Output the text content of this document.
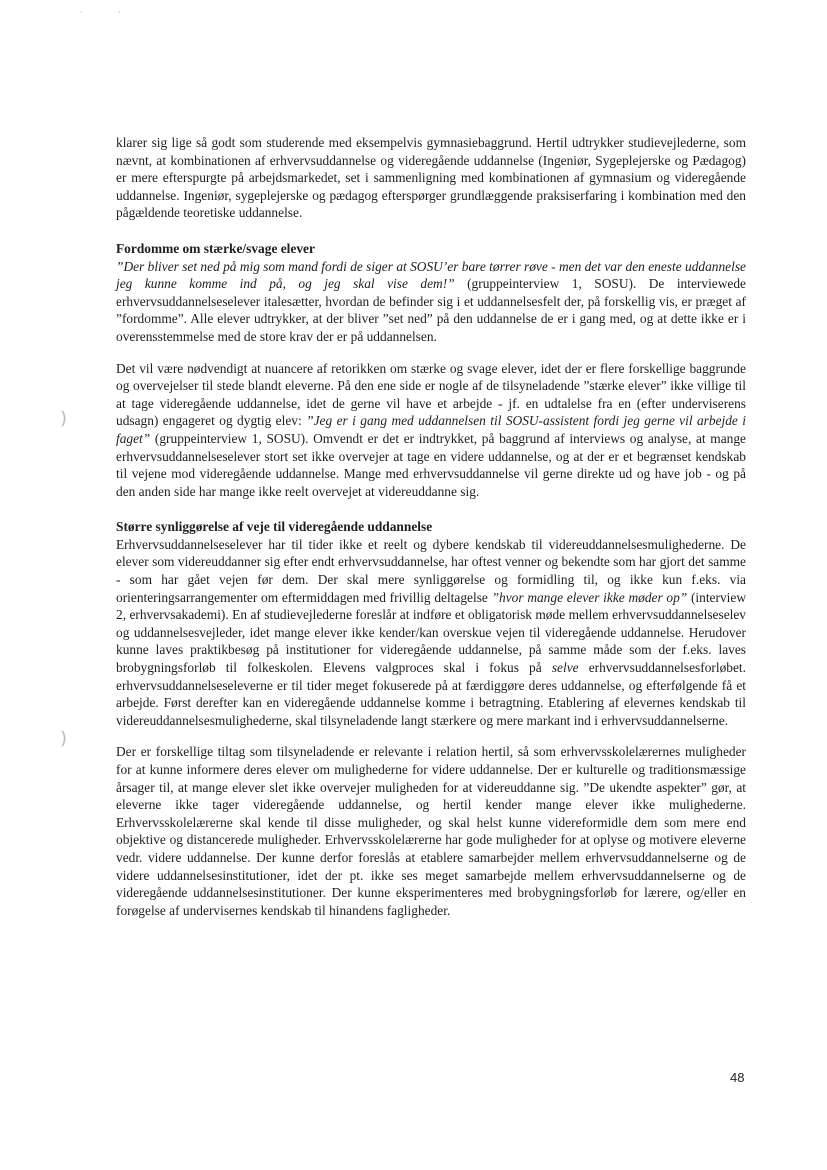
·	·
)
)

klarer sig lige så godt som studerende med eksempelvis gymnasiebaggrund. Hertil udtrykker studievejlederne, som nævnt, at kombinationen af erhvervsuddannelse og videregående uddannelse (Ingeniør, Sygeplejerske og Pædagog) er mere efterspurgte på arbejdsmarkedet, set i sammenligning med kombinationen af gymnasium og videregående uddannelse. Ingeniør, sygeplejerske og pædagog efterspørger grundlæggende praksiserfaring i kombination med den pågældende teoretiske uddannelse.

Fordomme om stærke/svage elever

”Der bliver set ned på mig som mand fordi de siger at SOSU’er bare tørrer røve - men det var den eneste uddannelse jeg kunne komme ind på, og jeg skal vise dem!” (gruppeinterview 1, SOSU). De interviewede erhvervsuddannelseselever italesætter, hvordan de befinder sig i et uddannelsesfelt der, på forskellig vis, er præget af ”fordomme”. Alle elever udtrykker, at der bliver ”set ned” på den uddannelse de er i gang med, og at dette ikke er i overensstemmelse med de store krav der er på uddannelsen.

Det vil være nødvendigt at nuancere af retorikken om stærke og svage elever, idet der er flere forskellige baggrunde og overvejelser til stede blandt eleverne. På den ene side er nogle af de tilsyneladende ”stærke elever” ikke villige til at tage videregående uddannelse, idet de gerne vil have et arbejde - jf. en udtalelse fra en (efter underviserens udsagn) engageret og dygtig elev: ”Jeg er i gang med uddannelsen til SOSU-assistent fordi jeg gerne vil arbejde i faget” (gruppeinterview 1, SOSU). Omvendt er det er indtrykket, på baggrund af interviews og analyse, at mange erhvervsuddannelseselever stort set ikke overvejer at tage en videre uddannelse, og at der er et begrænset kendskab til vejene mod videregående uddannelse. Mange med erhvervsuddannelse vil gerne direkte ud og have job - og på den anden side har mange ikke reelt overvejet at videreuddanne sig.

Større synliggørelse af veje til videregående uddannelse

Erhvervsuddannelseselever har til tider ikke et reelt og dybere kendskab til videreuddannelsesmulighederne. De elever som videreuddanner sig efter endt erhvervsuddannelse, har oftest venner og bekendte som har gjort det samme - som har gået vejen før dem. Der skal mere synliggørelse og formidling til, og ikke kun f.eks. via orienteringsarrangementer om eftermiddagen med frivillig deltagelse ”hvor mange elever ikke møder op” (interview 2, erhvervsakademi). En af studievejlederne foreslår at indføre et obligatorisk møde mellem erhvervsuddannelseselev og uddannelsesvejleder, idet mange elever ikke kender/kan overskue vejen til videregående uddannelse. Herudover kunne laves praktikbesøg på institutioner for videregående uddannelse, på samme måde som der f.eks. laves brobygningsforløb til folkeskolen. Elevens valgproces skal i fokus på selve erhvervsuddannelsesforløbet. erhvervsuddannelseseleverne er til tider meget fokuserede på at færdiggøre deres uddannelse, og efterfølgende få et arbejde. Først derefter kan en videregående uddannelse komme i betragtning. Etablering af elevernes kendskab til videreuddannelsesmulighederne, skal tilsyneladende langt stærkere og mere markant ind i erhvervsuddannelserne.

Der er forskellige tiltag som tilsyneladende er relevante i relation hertil, så som erhvervsskolelærernes muligheder for at kunne informere deres elever om mulighederne for videre uddannelse. Der er kulturelle og traditionsmæssige årsager til, at mange elever slet ikke overvejer muligheden for at videreuddanne sig. ”De ukendte aspekter” gør, at eleverne ikke tager videregående uddannelse, og hertil kender mange elever ikke mulighederne. Erhvervsskolelærerne skal kende til disse muligheder, og skal helst kunne videreformidle dem som mere end objektive og distancerede muligheder. Erhvervsskolelærerne har gode muligheder for at oplyse og motivere eleverne vedr. videre uddannelse. Der kunne derfor foreslås at etablere samarbejder mellem erhvervsuddannelserne og de videre uddannelsesinstitutioner, idet der pt. ikke ses meget samarbejde mellem erhvervsuddannelserne og de videregående uddannelsesinstitutioner. Der kunne eksperimenteres med brobygningsforløb for lærere, og/eller en forøgelse af undervisernes kendskab til hinandens fagligheder.

48
